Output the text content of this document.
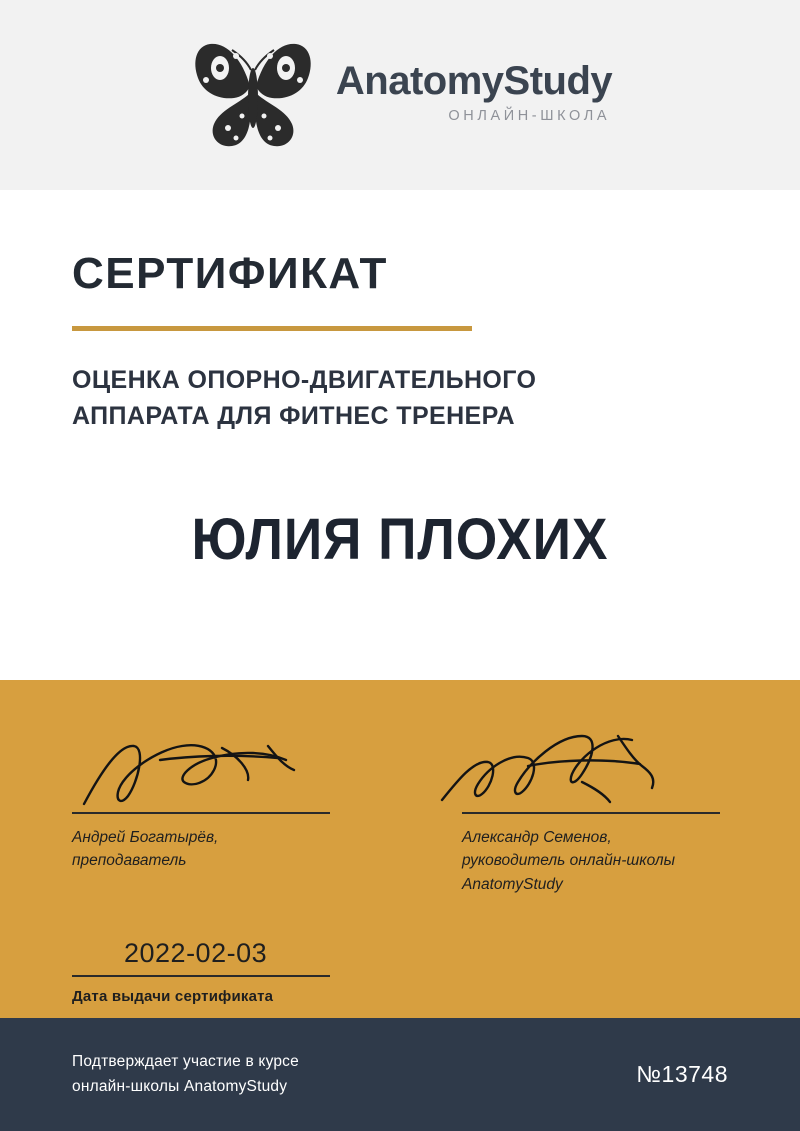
AnatomyStudy
ОНЛАЙН-ШКОЛА
СЕРТИФИКАТ
ОЦЕНКА ОПОРНО-ДВИГАТЕЛЬНОГО
АППАРАТА ДЛЯ ФИТНЕС ТРЕНЕРА
ЮЛИЯ ПЛОХИХ
Андрей Богатырёв,
преподаватель
Александр Семенов,
руководитель онлайн-школы
AnatomyStudy
2022-02-03
Дата выдачи сертификата
Подтверждает участие в курсе
онлайн-школы AnatomyStudy	№13748
